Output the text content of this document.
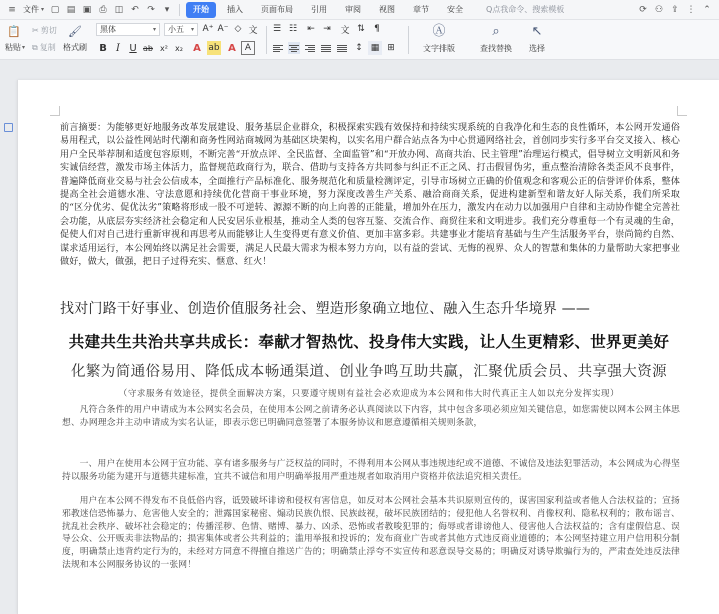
≡ 文件 ▾ ▢ ▤ ▣ ⎙ ◫ ↶ ↷	▾	开始	插入	页面布局	引用	审阅	视图	章节	安全	Q点我命令、搜索模板	⟳ ⚇ ⇪ ⋮ ⌃
📋
粘贴 ▾
✂ 剪切
⧉ 复制
🖌
格式刷
黑体	▾ 小五 ▾ A⁺ A⁻ ◇ 文
B I U ab x² x₂	A ab A	A
☰ ☷	⇤ ⇥	文 ⇅	¶
↕ ▦ ⊞
Ⓐ
文字排版
⌕
查找替换
↖
选择
前言摘要：为能够更好地服务改革发展建设、服务基层企业群众，积极探索实践有效保持和持续实现系统的自我净化和生态的良性循环，本公网开发通俗易用程式，以公益性网站时代潮和商务性网站商城网为基础区块架构，以实名用户群合站点各为中心贯通网络社会，首创同步实行多平台交叉接入、核心用户全民举荐制和适度包容原则，不断完善“开放点评、全民监督、全面监管”和“开放办网、高商共治、民主管理”治理运行模式，倡导树立文明新风和务实诚信经营，激发市场主体活力，监督规范政商行为，联合、借助与支持各方共同参与纠正不正之风、打击假冒伪劣，重点整治清除各类歪风不良事件，普遍降低商业交易与社会公信成本，全面推行产品标准化、服务规范化和质量检测评定，引导市场树立正确的价值观念和客观公正的信誉评价体系，整体提高全社会道德水准、守法意愿和持续优化营商干事业环境，努力深度改善生产关系、融洽商商关系，促进构建新型和谐友好人际关系，我们所采取的“区分优劣、促优汰劣”策略将形成一股不可逆转、源源不断的向上向善的正能量，增加外在压力，激发内在动力以加强用户自律和主动协作健全完善社会功能，从底层夯实经济社会稳定和人民安居乐业根基，推动全人类的包容互鉴、交流合作、商贸往来和文明进步。我们充分尊重每一个有灵魂的生命，促使人们对自己进行重新审视和再思考从而能够让人生变得更有意义价值、更加丰富多彩。共建事业才能培育基础与生产生活服务平台，崇尚简约自然、谋求适用运行，本公网始终以满足社会需要，满足人民最大需求为根本努力方向，以有益的尝试、无悔的视界、众人的智慧和集体的力量帮助大家把事业做好，做大，做强，把日子过得充实、惬意、红火！
找对门路干好事业、创造价值服务社会、塑造形象确立地位、融入生态升华境界 ——
共建共生共治共享共成长：奉献才智热忱、投身伟大实践，让人生更精彩、世界更美好
化繁为简通俗易用、降低成本畅通渠道、创业争鸣互助共赢，汇聚优质会员、共享强大资源
（守求服务有效途径，提供全面解决方案，只要遵守规则有益社会必欢迎成为本公网和伟大时代真正主人如以充分发挥实现）
凡符合条件的用户申请成为本公网实名会员，在使用本公网之前请务必认真阅读以下内容，其中包含多项必须应知关键信息，如您需使以网本公网主体思想、办网理念并主动申请成为实名认证，即表示您已明确同意签署了本服务协议和愿意遵循相关规则条款，
一、用户在使用本公网于宣功能、享有诸多服务与广泛权益的同时，不得利用本公网从事违规违纪或不道德、不诚信及违法犯罪活动，本公网成为心得坚持以服务功能为建开与道德共建标准，宜共不诚信和用户明确举报用严重违规者如取消用户资格并依法追究相关责任。
用户在本公网不得发布不良低俗内容，诋毁破坏诽谤和侵权有害信息，如反对本公网社会基本共识原则宣传的，谋害国家利益或者他人合法权益的；宣扬邪教迷信恐怖暴力、危害他人安全的；泄露国家秘密、煽动民族仇恨、民族歧视，破坏民族团结的；侵犯他人名誉权利、肖像权利、隐私权利的；散布谣言、扰乱社会秩序、破坏社会稳定的；传播淫秽、色情、赌博、暴力、凶杀、恐怖或者教唆犯罪的；侮辱或者诽谤他人、侵害他人合法权益的；含有虚假信息、误导公众、公开贩卖非法物品的；损害集体或者公共利益的；滥用举报和投诉的；发布商业广告或者其他方式违反商业道德的；本公网坚持建立用户信用积分制度，明确禁止违背约定行为的，未经对方同意不得擅自推送广告的；明确禁止浮夸不实宣传和恶意误导交易的；明确反对诱导欺骗行为的，严肃查处违反法律法规和本公网服务协议的一张网！
